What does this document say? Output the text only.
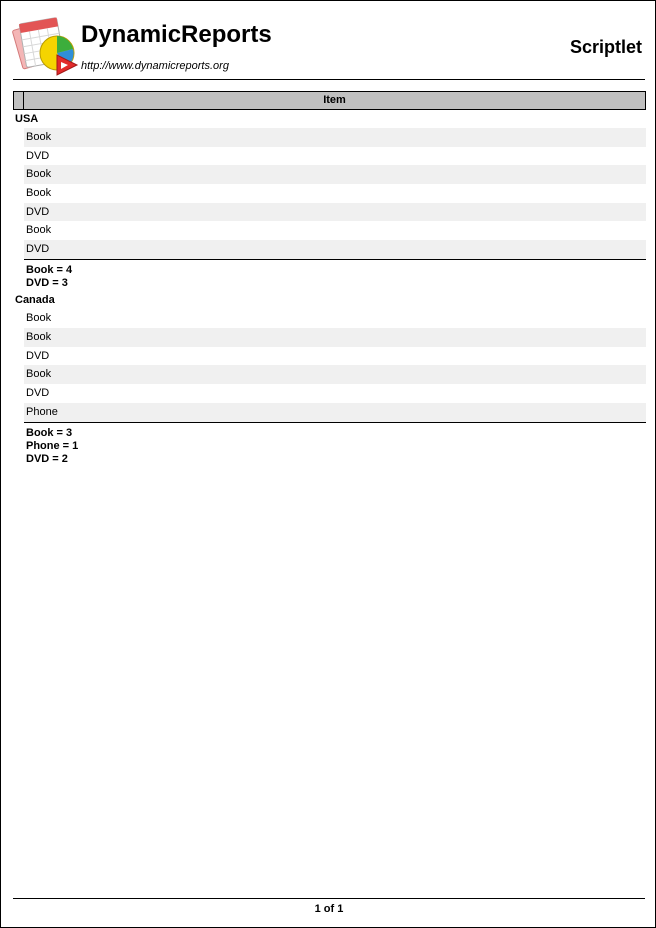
DynamicReports
http://www.dynamicreports.org
Scriptlet
Item
USA
Book
DVD
Book
Book
DVD
Book
DVD
Book = 4
DVD = 3
Canada
Book
Book
DVD
Book
DVD
Phone
Book = 3
Phone = 1
DVD = 2
1 of 1
